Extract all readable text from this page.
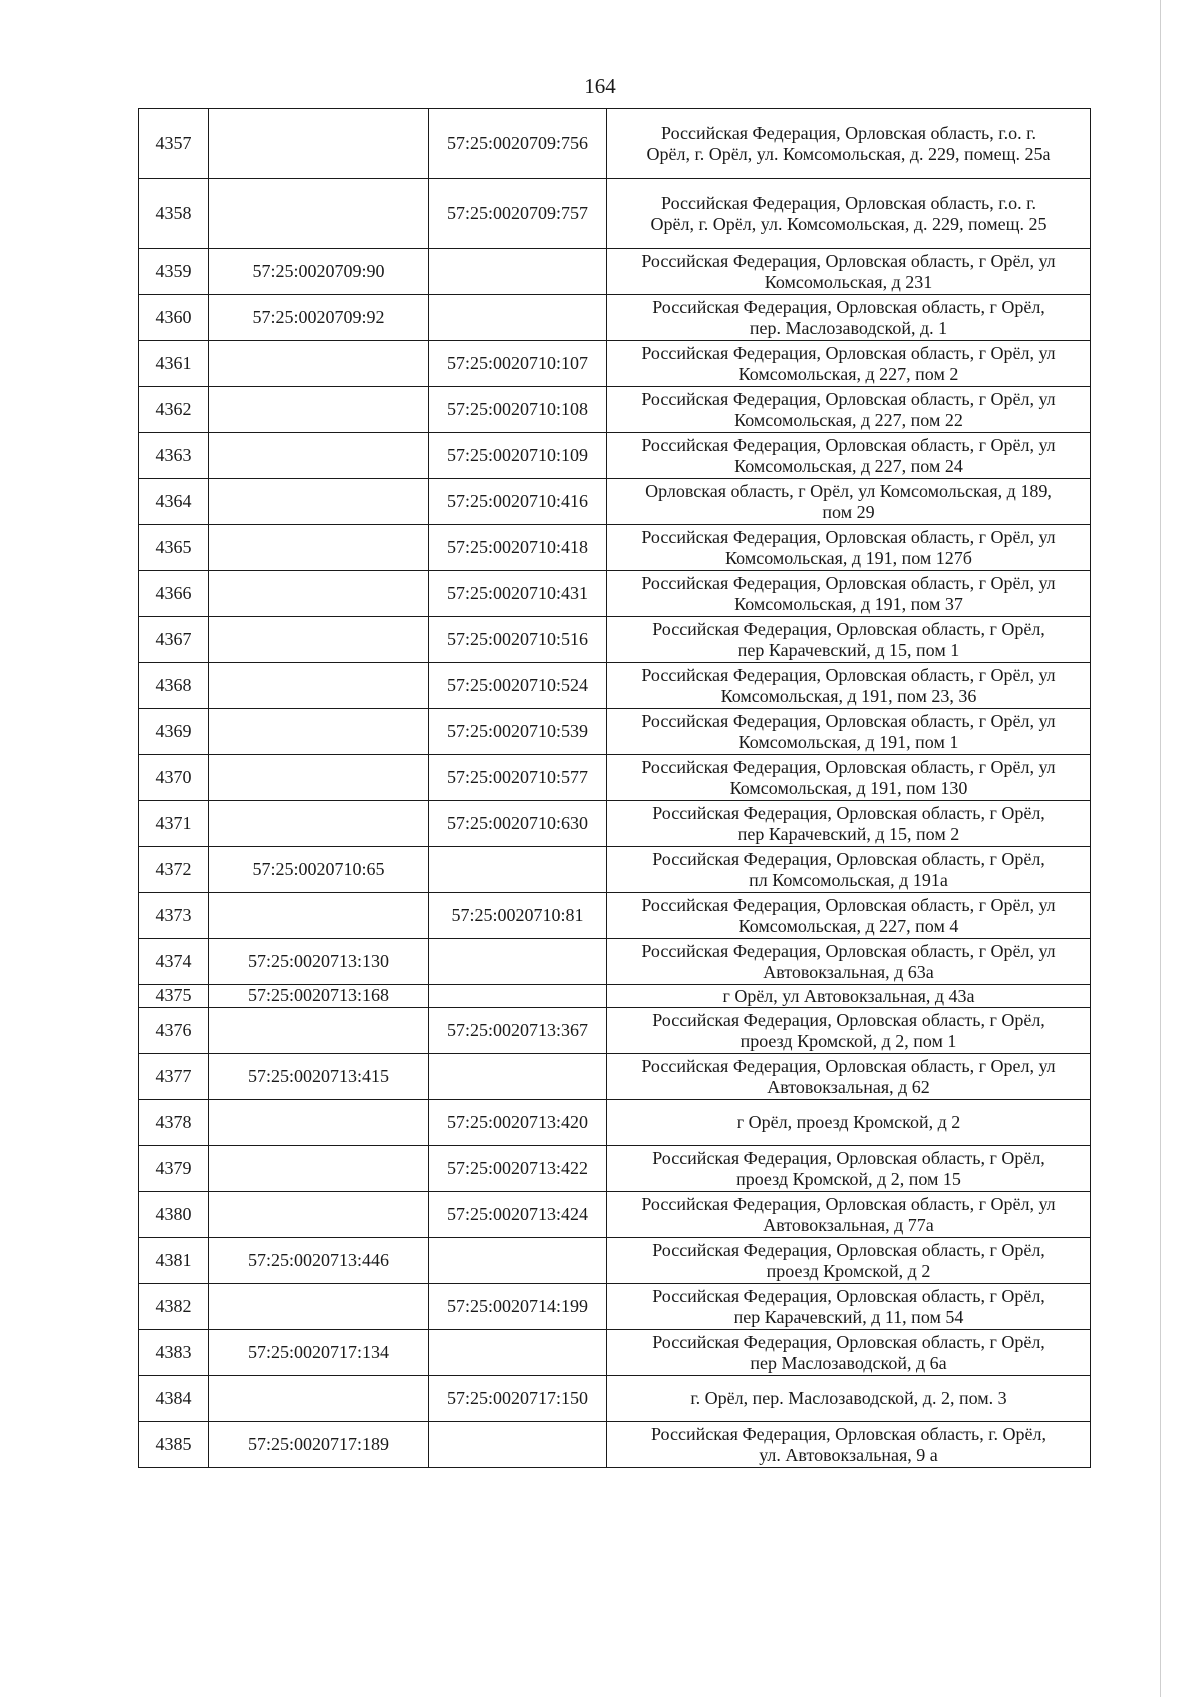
164
4357		57:25:0020709:756	Российская Федерация, Орловская область, г.о. г.
Орёл, г. Орёл, ул. Комсомольская, д. 229, помещ. 25а

4358		57:25:0020709:757	Российская Федерация, Орловская область, г.о. г.
Орёл, г. Орёл, ул. Комсомольская, д. 229, помещ. 25

4359	57:25:0020709:90		Российская Федерация, Орловская область, г Орёл, ул
Комсомольская, д 231

4360	57:25:0020709:92		Российская Федерация, Орловская область, г Орёл,
пер. Маслозаводской, д. 1

4361		57:25:0020710:107	Российская Федерация, Орловская область, г Орёл, ул
Комсомольская, д 227, пом 2

4362		57:25:0020710:108	Российская Федерация, Орловская область, г Орёл, ул
Комсомольская, д 227, пом 22

4363		57:25:0020710:109	Российская Федерация, Орловская область, г Орёл, ул
Комсомольская, д 227, пом 24

4364		57:25:0020710:416	Орловская область, г Орёл, ул Комсомольская, д 189,
пом 29

4365		57:25:0020710:418	Российская Федерация, Орловская область, г Орёл, ул
Комсомольская, д 191, пом 127б

4366		57:25:0020710:431	Российская Федерация, Орловская область, г Орёл, ул
Комсомольская, д 191, пом 37

4367		57:25:0020710:516	Российская Федерация, Орловская область, г Орёл,
пер Карачевский, д 15, пом 1

4368		57:25:0020710:524	Российская Федерация, Орловская область, г Орёл, ул
Комсомольская, д 191, пом 23, 36

4369		57:25:0020710:539	Российская Федерация, Орловская область, г Орёл, ул
Комсомольская, д 191, пом 1

4370		57:25:0020710:577	Российская Федерация, Орловская область, г Орёл, ул
Комсомольская, д 191, пом 130

4371		57:25:0020710:630	Российская Федерация, Орловская область, г Орёл,
пер Карачевский, д 15, пом 2

4372	57:25:0020710:65		Российская Федерация, Орловская область, г Орёл,
пл Комсомольская, д 191а

4373		57:25:0020710:81	Российская Федерация, Орловская область, г Орёл, ул
Комсомольская, д 227, пом 4

4374	57:25:0020713:130		Российская Федерация, Орловская область, г Орёл, ул
Автовокзальная, д 63а

4375	57:25:0020713:168		г Орёл, ул Автовокзальная, д 43а

4376		57:25:0020713:367	Российская Федерация, Орловская область, г Орёл,
проезд Кромской, д 2, пом 1

4377	57:25:0020713:415		Российская Федерация, Орловская область, г Орел, ул
Автовокзальная, д 62

4378		57:25:0020713:420	г Орёл, проезд Кромской, д 2

4379		57:25:0020713:422	Российская Федерация, Орловская область, г Орёл,
проезд Кромской, д 2, пом 15

4380		57:25:0020713:424	Российская Федерация, Орловская область, г Орёл, ул
Автовокзальная, д 77а

4381	57:25:0020713:446		Российская Федерация, Орловская область, г Орёл,
проезд Кромской, д 2

4382		57:25:0020714:199	Российская Федерация, Орловская область, г Орёл,
пер Карачевский, д 11, пом 54

4383	57:25:0020717:134		Российская Федерация, Орловская область, г Орёл,
пер Маслозаводской, д 6а

4384		57:25:0020717:150	г. Орёл, пер. Маслозаводской, д. 2, пом. 3

4385	57:25:0020717:189		Российская Федерация, Орловская область, г. Орёл,
ул. Автовокзальная, 9 а
